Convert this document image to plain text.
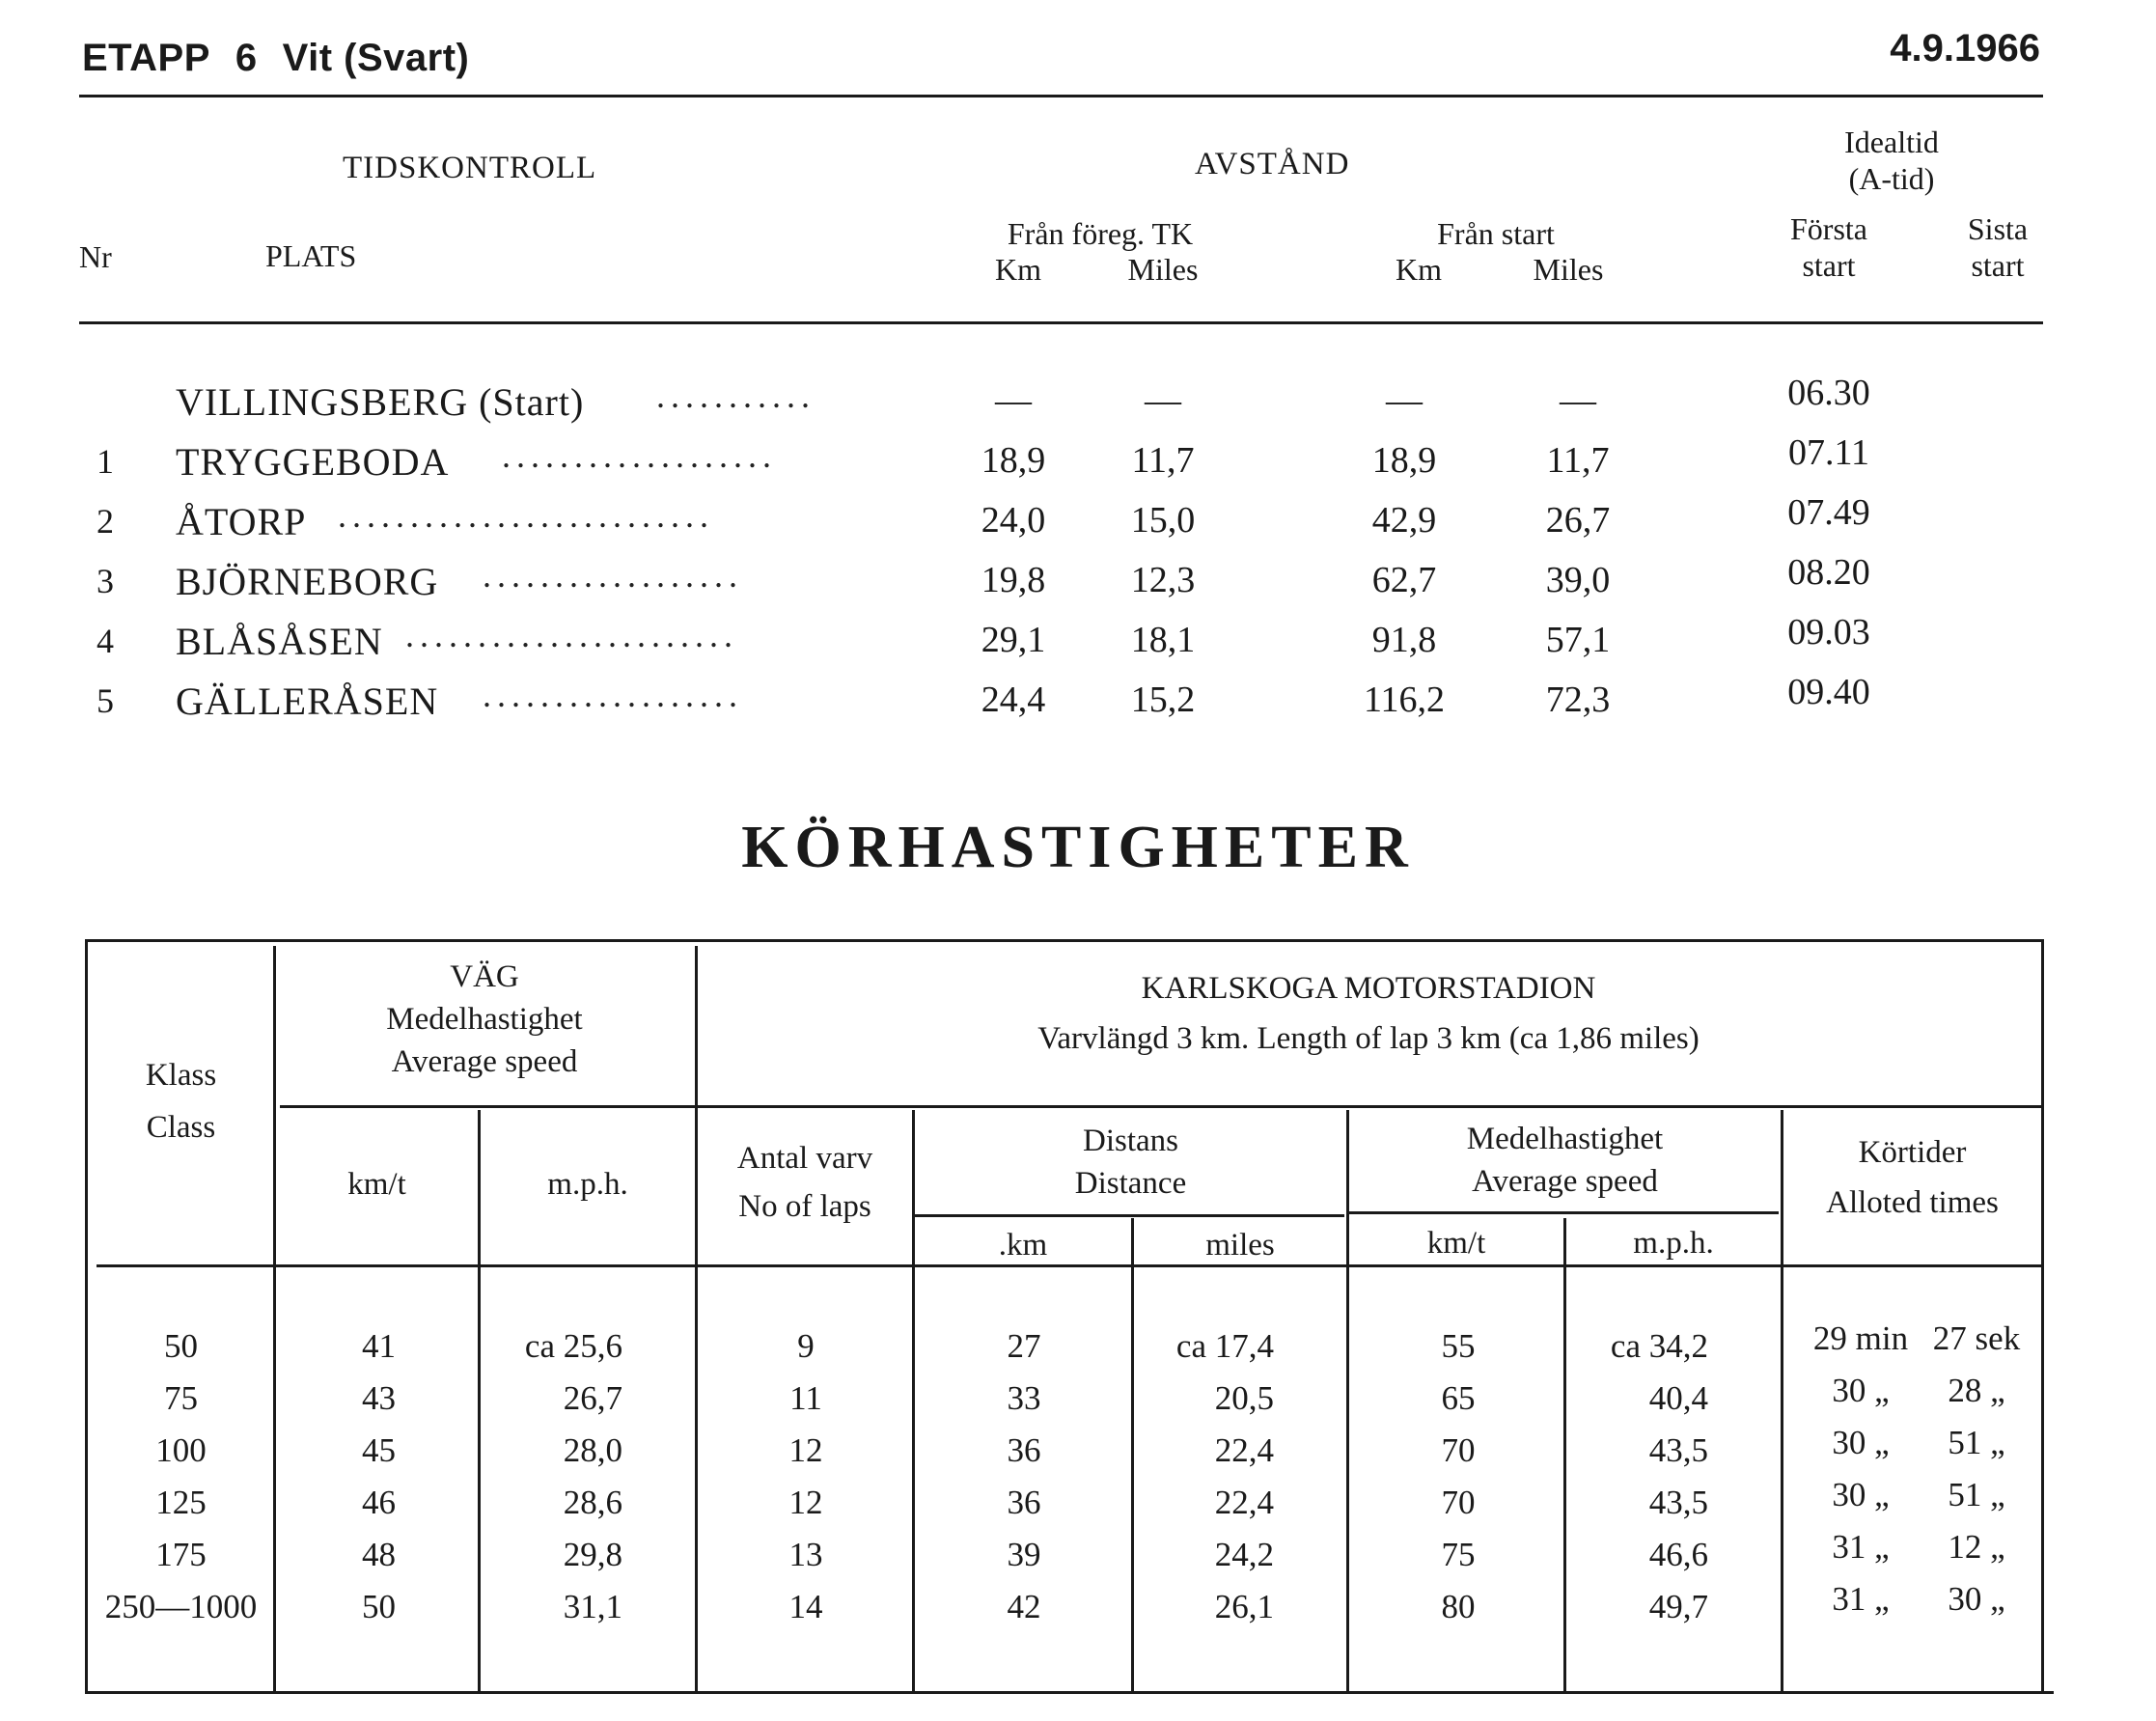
ETAPP 6 Vit (Svart)	4.9.1966
TIDSKONTROLL	AVSTÅND
Idealtid
(A-tid)
Nr	PLATS
Från föreg. TK
Km	Miles
Från start
Km	Miles
Första
start
Sista
start
VILLINGSBERG (Start) ...........	—	—	—	—	06.30
1 TRYGGEBODA ...................	18,9	11,7	18,9	11,7	07.11
2 ÅTORP ..........................	24,0	15,0	42,9	26,7	07.49
3 BJÖRNEBORG ..................	19,8	12,3	62,7	39,0	08.20
4 BLÅSÅSEN .......................	29,1	18,1	91,8	57,1	09.03
5 GÄLLERÅSEN ..................	24,4	15,2	116,2	72,3	09.40
KÖRHASTIGHETER
Klass
Class
VÄG
Medelhastighet
Average speed
km/t	m.p.h.
KARLSKOGA MOTORSTADION
Varvlängd 3 km. Length of lap 3 km (ca 1,86 miles)
Antal varv
No of laps
Distans
Distance
.km	miles
Medelhastighet
Average speed
km/t	m.p.h.
Körtider
Alloted times
50	41	ca 25,6	9	27	ca 17,4	55	ca 34,2	29 min 27 sek
75	43	26,7	11	33	20,5	65	40,4	30 „	28 „
100	45	28,0	12	36	22,4	70	43,5	30 „	51 „
125	46	28,6	12	36	22,4	70	43,5	30 „	51 „
175	48	29,8	13	39	24,2	75	46,6	31 „	12 „
250—1000	50	31,1	14	42	26,1	80	49,7	31 „	30 „
